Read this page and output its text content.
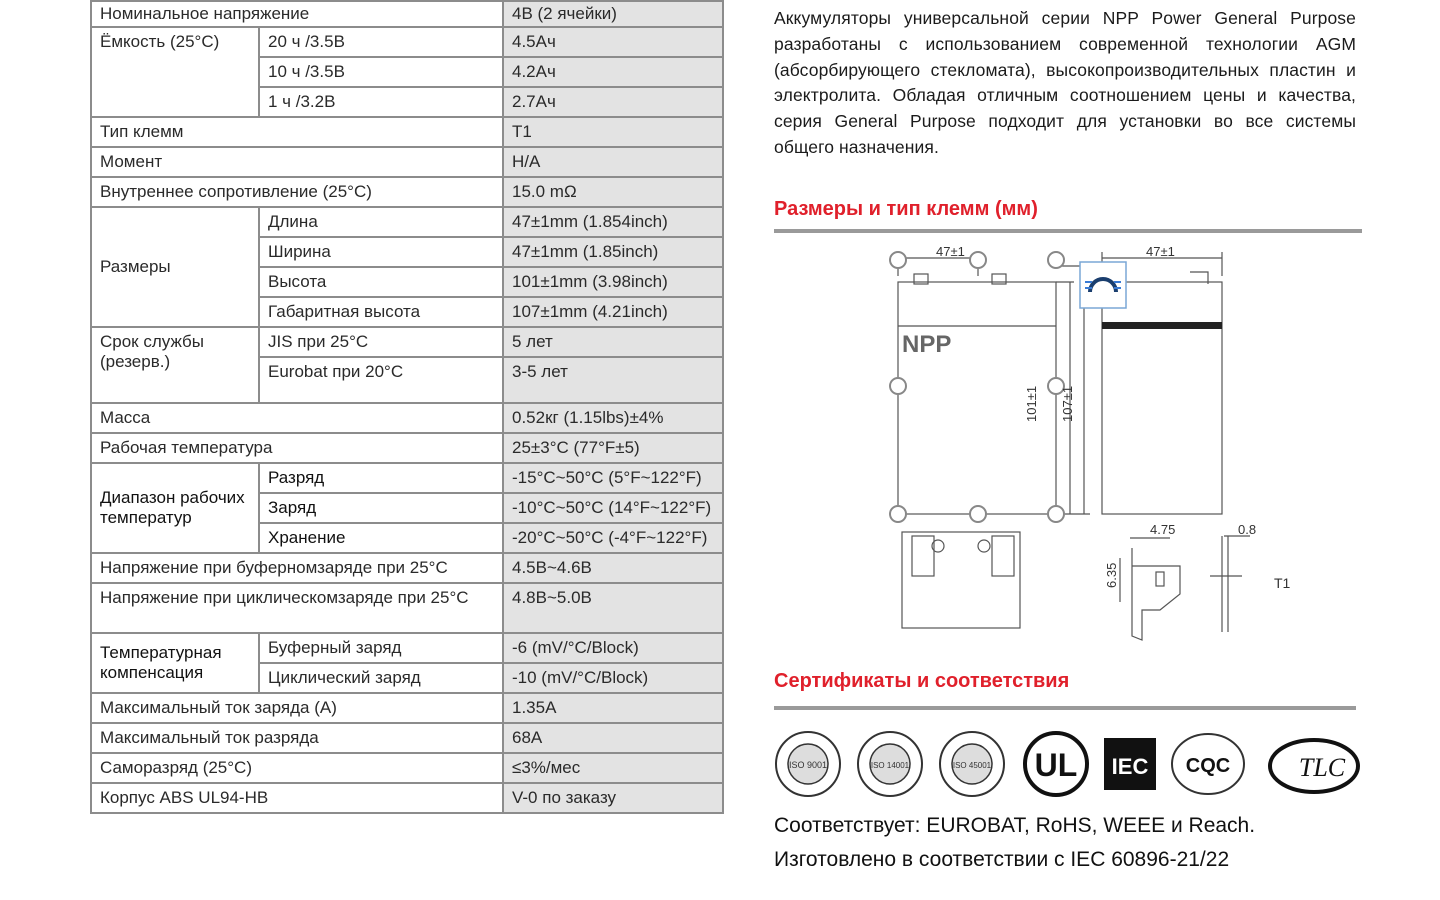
Номинальное напряжение		4В (2 ячейки)
Ёмкость (25°C)	20 ч /3.5В	4.5Ач
	10 ч /3.5В	4.2Ач
	1 ч /3.2В	2.7Ач
Тип клемм		T1
Момент		Н/А
Внутреннее сопротивление (25°C)		15.0 mΩ
Размеры	Длина	47±1mm (1.854inch)
	Ширина	47±1mm (1.85inch)
	Высота	101±1mm (3.98inch)
	Габаритная высота	107±1mm (4.21inch)
Срок службы (резерв.)	JIS при 25°C	5 лет
	Eurobat при 20°C	3-5 лет
Масса		0.52кг (1.15lbs)±4%
Рабочая температура		25±3°C (77°F±5)
Диапазон рабочих температур	Разряд	-15°C~50°C (5°F~122°F)
	Заряд	-10°C~50°C (14°F~122°F)
	Хранение	-20°C~50°C (-4°F~122°F)
Напряжение при буферномзаряде при 25°C		4.5В~4.6В
Напряжение при циклическомзаряде при 25°C		4.8В~5.0В
Температурная компенсация	Буферный заряд	-6 (mV/°C/Block)
	Циклический заряд	-10 (mV/°C/Block)
Максимальный ток заряда (A)		1.35A
Максимальный ток разряда		68A
Саморазряд (25°C)		≤3%/мес
Корпус ABS UL94-HB		V-0 по заказу
Аккумуляторы универсальной серии NPP Power General Purpose разработаны с использованием современной технологии AGM (абсорбирующего стекломата), высокопроизводительных пластин и электролита. Обладая отличным соотношением цены и качества, серия General Purpose подходит для установки во все системы общего назначения.
Размеры и тип клемм (мм)
47±1	47±1
NPP
101±1 107±1
4.75	0.8
6.35	T1
Сертификаты и соответствия
ISO 9001	ISO 14001	ISO 45001 UL IEC CQC	TLC
Соответствует: EUROBAT, RoHS, WEEE и Reach.
Изготовлено в соответствии с IEC 60896-21/22
